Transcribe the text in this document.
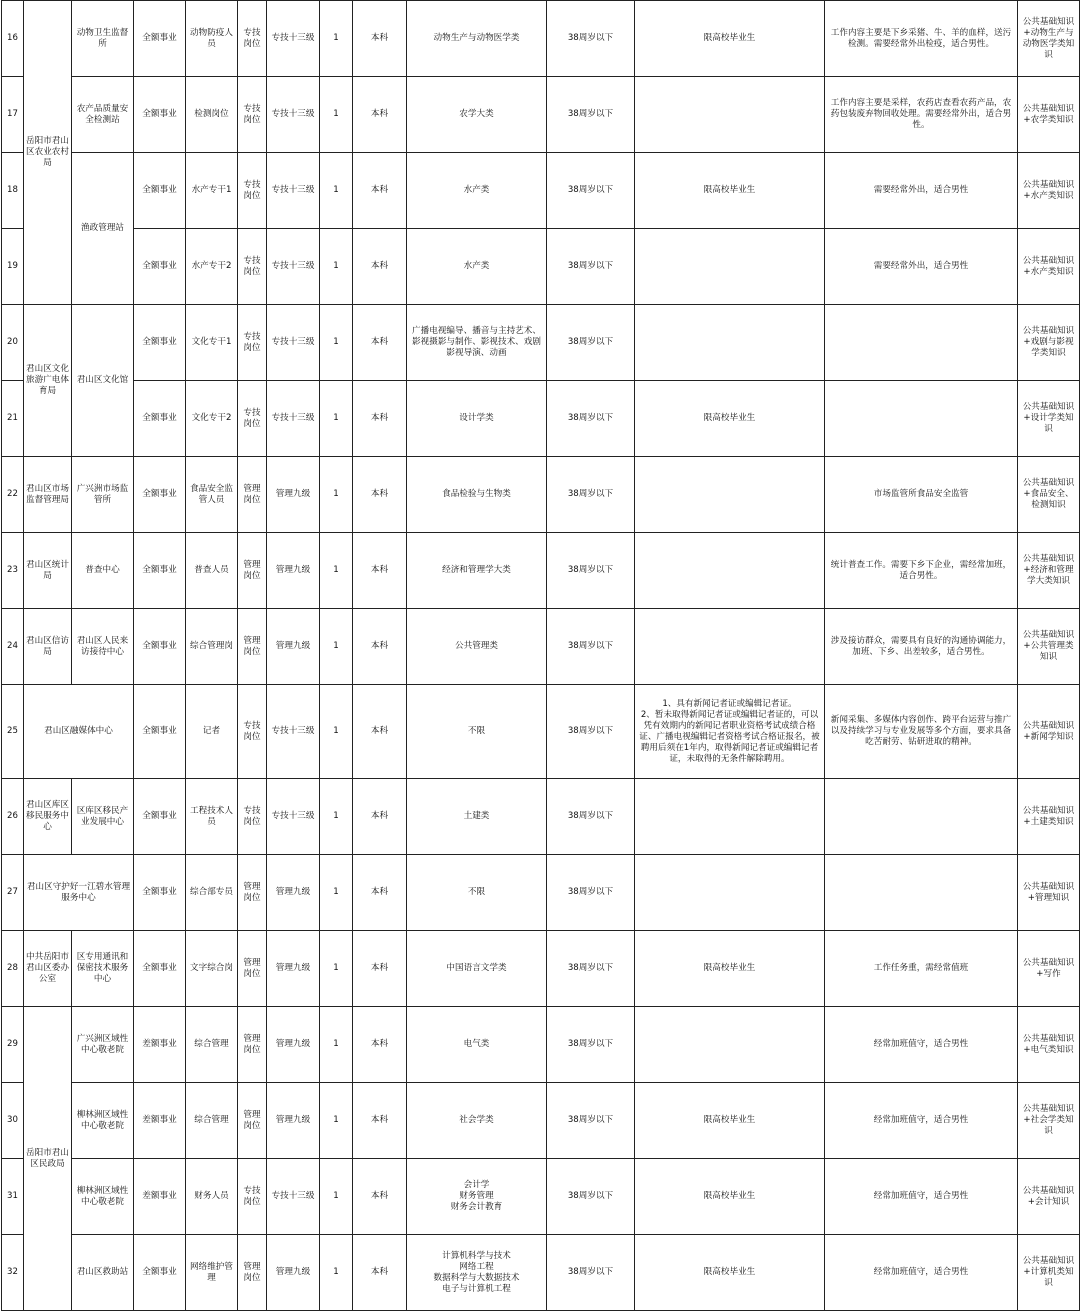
16	岳阳市君山区农业农村局	动物卫生监督所	全额事业	动物防疫人员	专技岗位	专技十三级	1	本科	动物生产与动物医学类	38周岁以下	限高校毕业生	工作内容主要是下乡采猪、牛、羊的血样，送污检测。需要经常外出检疫，适合男性。	公共基础知识+动物生产与动物医学类知识
17		农产品质量安全检测站	全额事业	检测岗位	专技岗位	专技十三级	1	本科	农学大类	38周岁以下		工作内容主要是采样，农药店查看农药产品，农药包装废弃物回收处理。需要经常外出，适合男性。	公共基础知识+农学类知识
18		渔政管理站	全额事业	水产专干1	专技岗位	专技十三级	1	本科	水产类	38周岁以下	限高校毕业生	需要经常外出，适合男性	公共基础知识+水产类知识
19			全额事业	水产专干2	专技岗位	专技十三级	1	本科	水产类	38周岁以下		需要经常外出，适合男性	公共基础知识+水产类知识
20	君山区文化旅游广电体育局	君山区文化馆	全额事业	文化专干1	专技岗位	专技十三级	1	本科	广播电视编导、播音与主持艺术、影视摄影与制作、影视技术、戏剧影视导演、动画	38周岁以下			公共基础知识+戏剧与影视学类知识
21			全额事业	文化专干2	专技岗位	专技十三级	1	本科	设计学类	38周岁以下	限高校毕业生		公共基础知识+设计学类知识
22	君山区市场监督管理局	广兴洲市场监管所	全额事业	食品安全监管人员	管理岗位	管理九级	1	本科	食品检验与生物类	38周岁以下		市场监管所食品安全监管	公共基础知识+食品安全、检测知识
23	君山区统计局	普查中心	全额事业	普查人员	管理岗位	管理九级	1	本科	经济和管理学大类	38周岁以下		统计普查工作。需要下乡下企业，需经常加班，适合男性。	公共基础知识+经济和管理学大类知识
24	君山区信访局	君山区人民来访接待中心	全额事业	综合管理岗	管理岗位	管理九级	1	本科	公共管理类	38周岁以下		涉及接访群众，需要具有良好的沟通协调能力，加班、下乡、出差较多，适合男性。	公共基础知识+公共管理类知识
25	君山区融媒体中心		全额事业	记者	专技岗位	专技十三级	1	本科	不限	38周岁以下	1、具有新闻记者证或编辑记者证。
2、暂未取得新闻记者证或编辑记者证的，可以凭有效期内的新闻记者职业资格考试成绩合格证、广播电视编辑记者资格考试合格证报名，被聘用后须在1年内，取得新闻记者证或编辑记者证，未取得的无条件解除聘用。	新闻采集、多媒体内容创作、跨平台运营与推广以及持续学习与专业发展等多个方面，要求具备吃苦耐劳、钻研进取的精神。	公共基础知识+新闻学知识
26	君山区库区移民服务中心	区库区移民产业发展中心	全额事业	工程技术人员	专技岗位	专技十三级	1	本科	土建类	38周岁以下			公共基础知识+土建类知识
27	君山区守护好一江碧水管理服务中心		全额事业	综合部专员	管理岗位	管理九级	1	本科	不限	38周岁以下			公共基础知识+管理知识
28	中共岳阳市君山区委办公室	区专用通讯和保密技术服务中心	全额事业	文字综合岗	管理岗位	管理九级	1	本科	中国语言文学类	38周岁以下	限高校毕业生	工作任务重，需经常值班	公共基础知识+写作
29	岳阳市君山区民政局	广兴洲区域性中心敬老院	差额事业	综合管理	管理岗位	管理九级	1	本科	电气类	38周岁以下		经常加班值守，适合男性	公共基础知识+电气类知识
30		柳林洲区域性中心敬老院	差额事业	综合管理	管理岗位	管理九级	1	本科	社会学类	38周岁以下	限高校毕业生	经常加班值守，适合男性	公共基础知识+社会学类知识
31		柳林洲区域性中心敬老院	差额事业	财务人员	专技岗位	专技十三级	1	本科	会计学
财务管理
财务会计教育	38周岁以下	限高校毕业生	经常加班值守，适合男性	公共基础知识+会计知识
32		君山区救助站	全额事业	网络维护管理	管理岗位	管理九级	1	本科	计算机科学与技术
网络工程
数据科学与大数据技术
电子与计算机工程	38周岁以下	限高校毕业生	经常加班值守，适合男性	公共基础知识+计算机类知识
